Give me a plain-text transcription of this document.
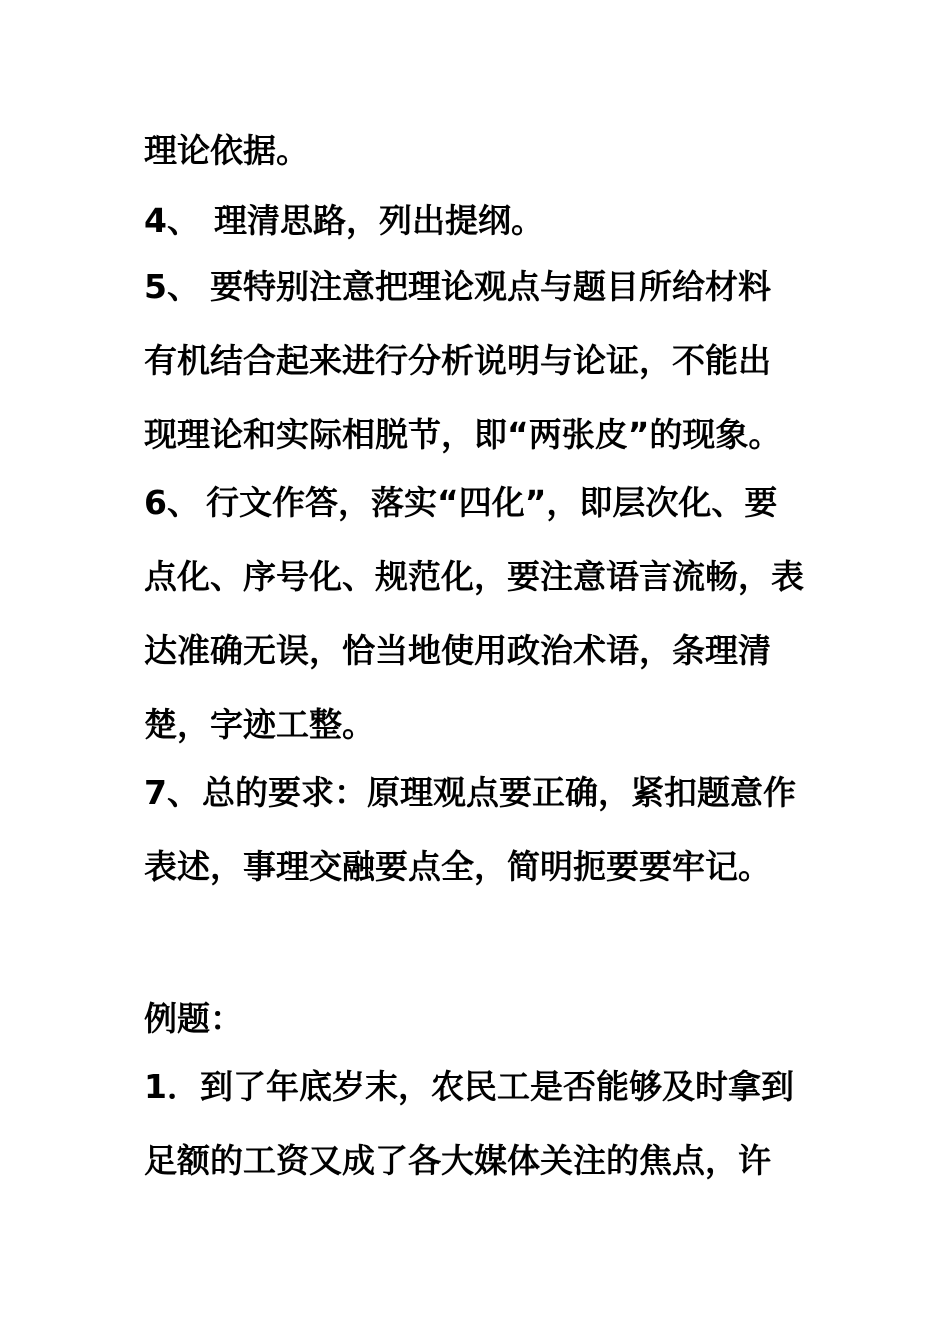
理论依据。
4、 理清思路，列出提纲。
5、 要特别注意把理论观点与题目所给材料
有机结合起来进行分析说明与论证，不能出
现理论和实际相脱节，即“两张皮”的现象。
6、 行文作答，落实“四化”，即层次化、要
点化、序号化、规范化，要注意语言流畅，表
达准确无误，恰当地使用政治术语，条理清
楚，字迹工整。
7、总的要求：原理观点要正确，紧扣题意作
表述，事理交融要点全，简明扼要要牢记。
例题：
1．到了年底岁末，农民工是否能够及时拿到
足额的工资又成了各大媒体关注的焦点，许
